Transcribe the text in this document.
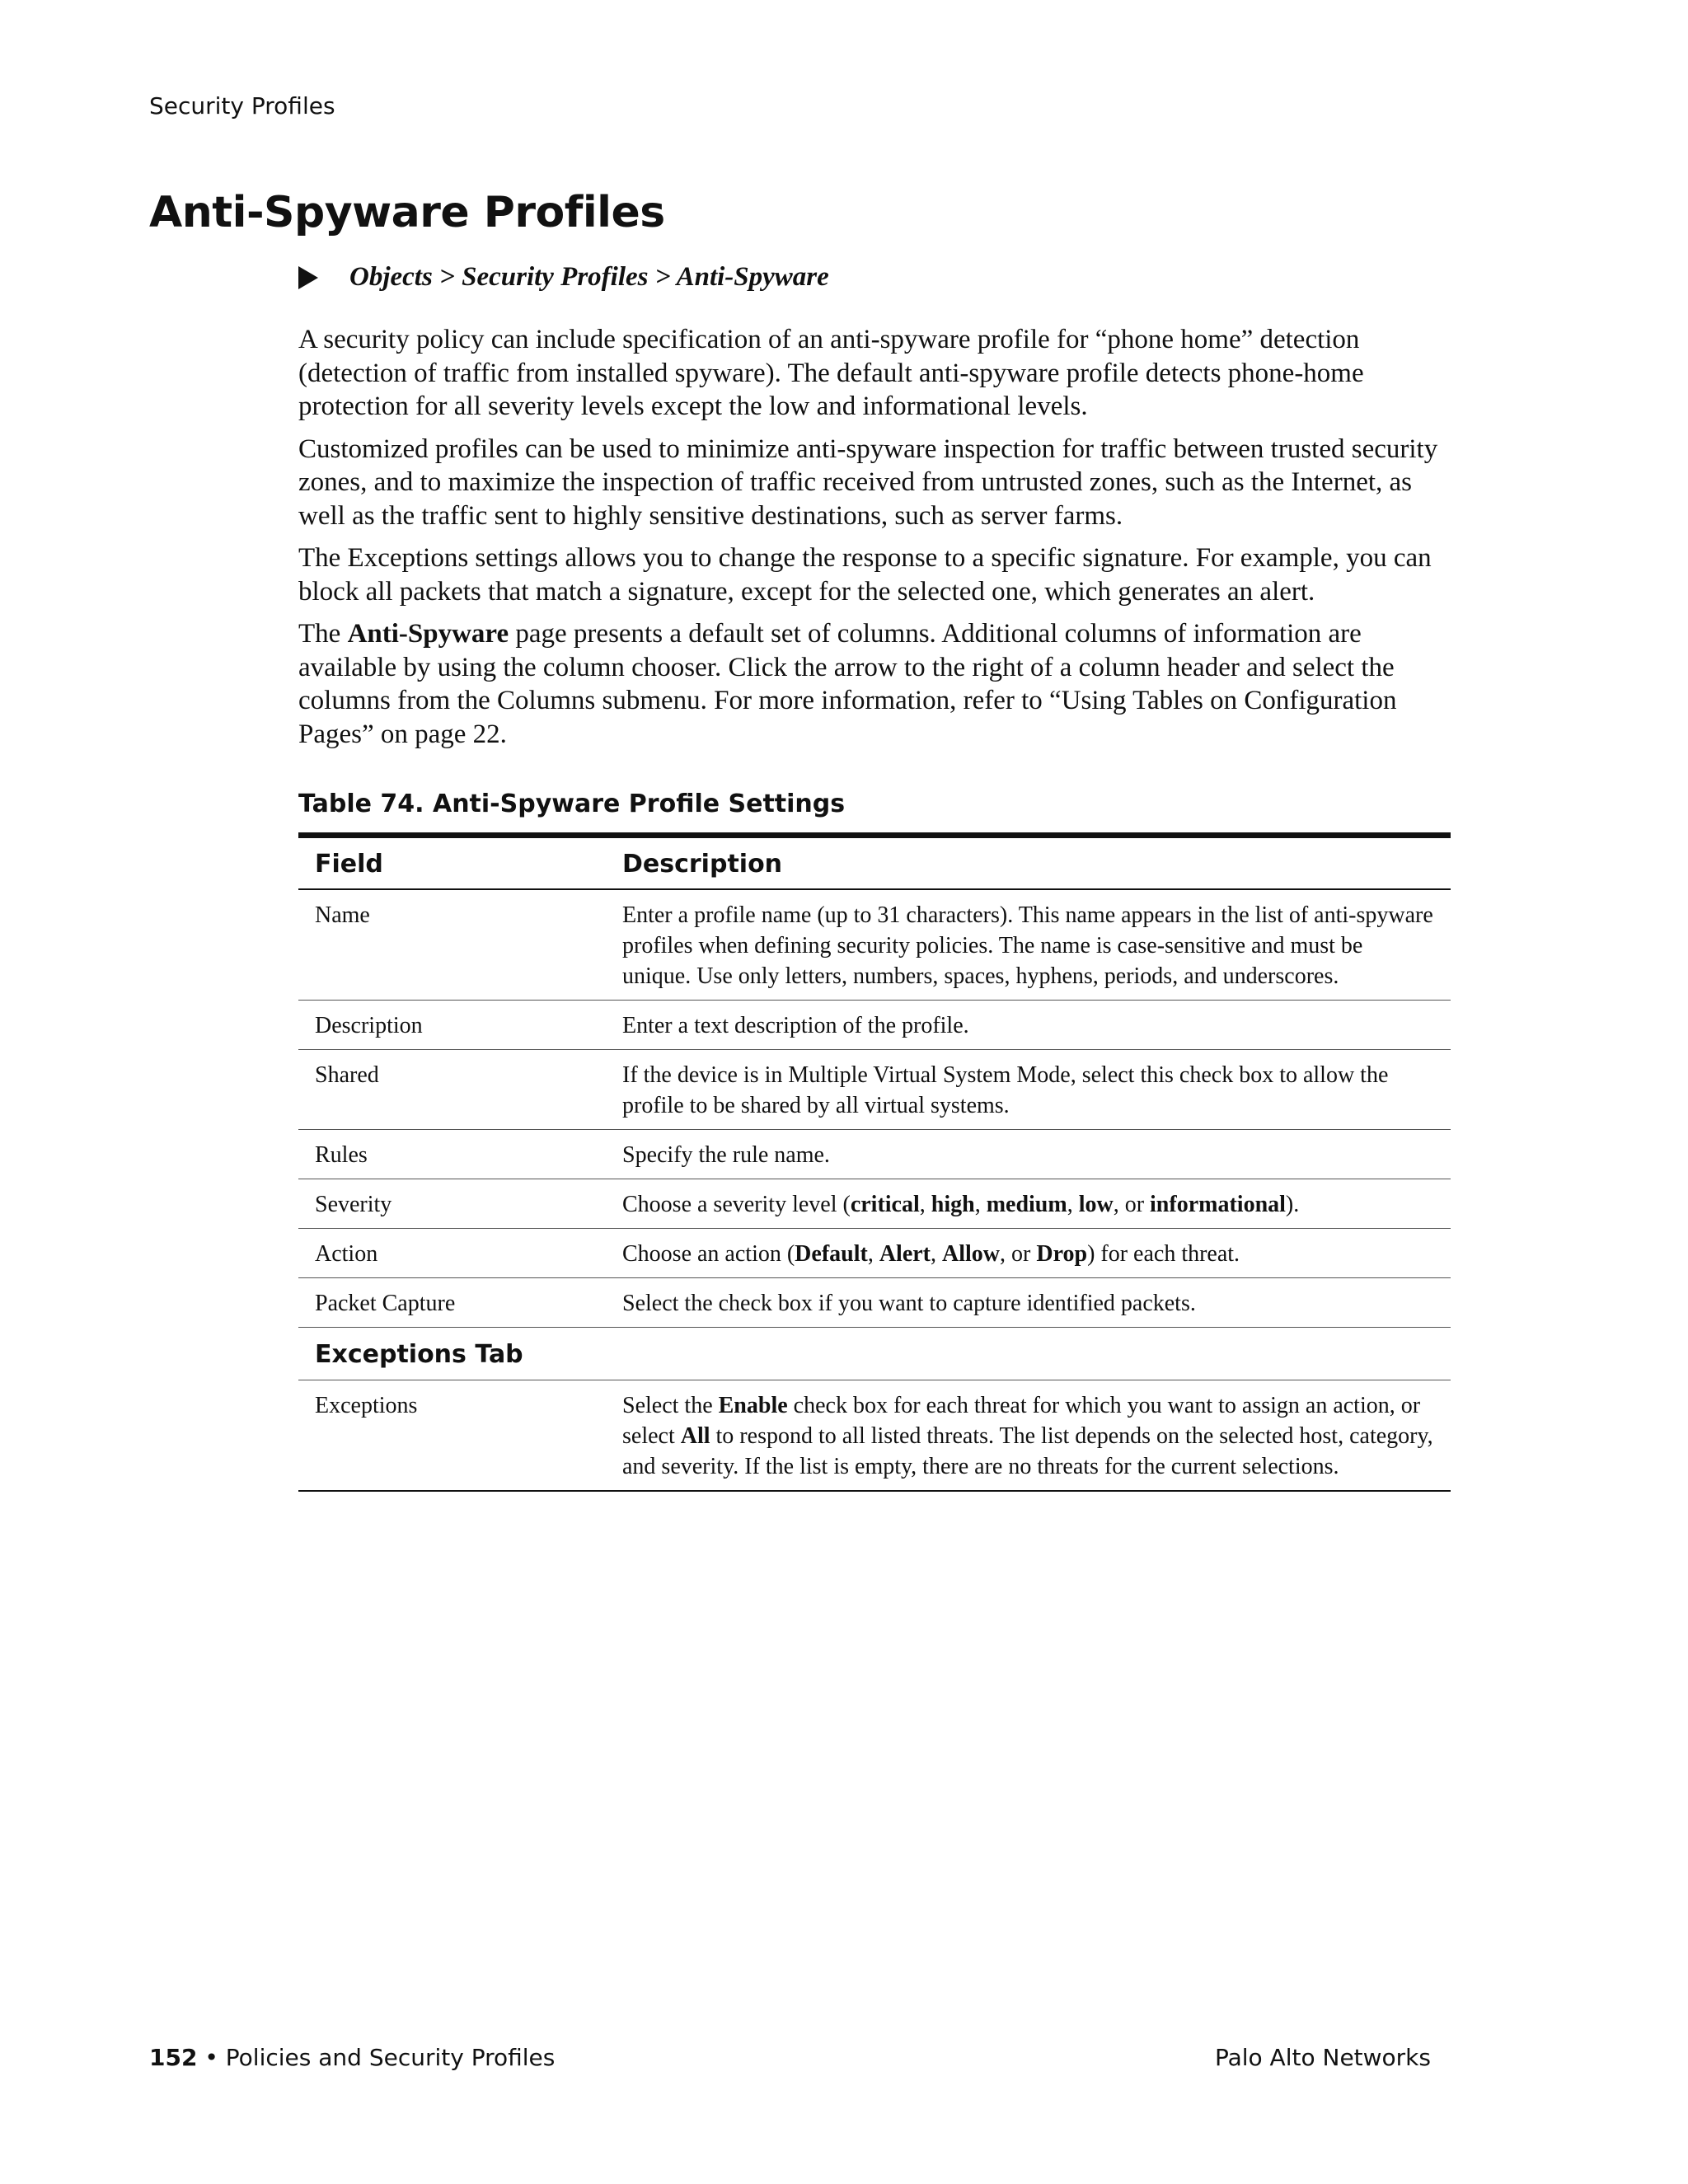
Security Profiles
Anti-Spyware Profiles
Objects > Security Profiles > Anti-Spyware

A security policy can include specification of an anti-spyware profile for “phone home” detection (detection of traffic from installed spyware). The default anti-spyware profile detects phone-home protection for all severity levels except the low and informational levels.

Customized profiles can be used to minimize anti-spyware inspection for traffic between trusted security zones, and to maximize the inspection of traffic received from untrusted zones, such as the Internet, as well as the traffic sent to highly sensitive destinations, such as server farms.

The Exceptions settings allows you to change the response to a specific signature. For example, you can block all packets that match a signature, except for the selected one, which generates an alert.

The Anti-Spyware page presents a default set of columns. Additional columns of information are available by using the column chooser. Click the arrow to the right of a column header and select the columns from the Columns submenu. For more information, refer to “Using Tables on Configuration Pages” on page 22.

Table 74. Anti-Spyware Profile Settings
Field	Description
Name	Enter a profile name (up to 31 characters). This name appears in the list of anti-spyware profiles when defining security policies. The name is case-sensitive and must be unique. Use only letters, numbers, spaces, hyphens, periods, and underscores.
Description	Enter a text description of the profile.
Shared	If the device is in Multiple Virtual System Mode, select this check box to allow the profile to be shared by all virtual systems.
Rules	Specify the rule name.
Severity	Choose a severity level (critical, high, medium, low, or informational).
Action	Choose an action (Default, Alert, Allow, or Drop) for each threat.
Packet Capture	Select the check box if you want to capture identified packets.
Exceptions Tab	
Exceptions	Select the Enable check box for each threat for which you want to assign an action, or select All to respond to all listed threats. The list depends on the selected host, category, and severity. If the list is empty, there are no threats for the current selections.
152 • Policies and Security Profiles	Palo Alto Networks
